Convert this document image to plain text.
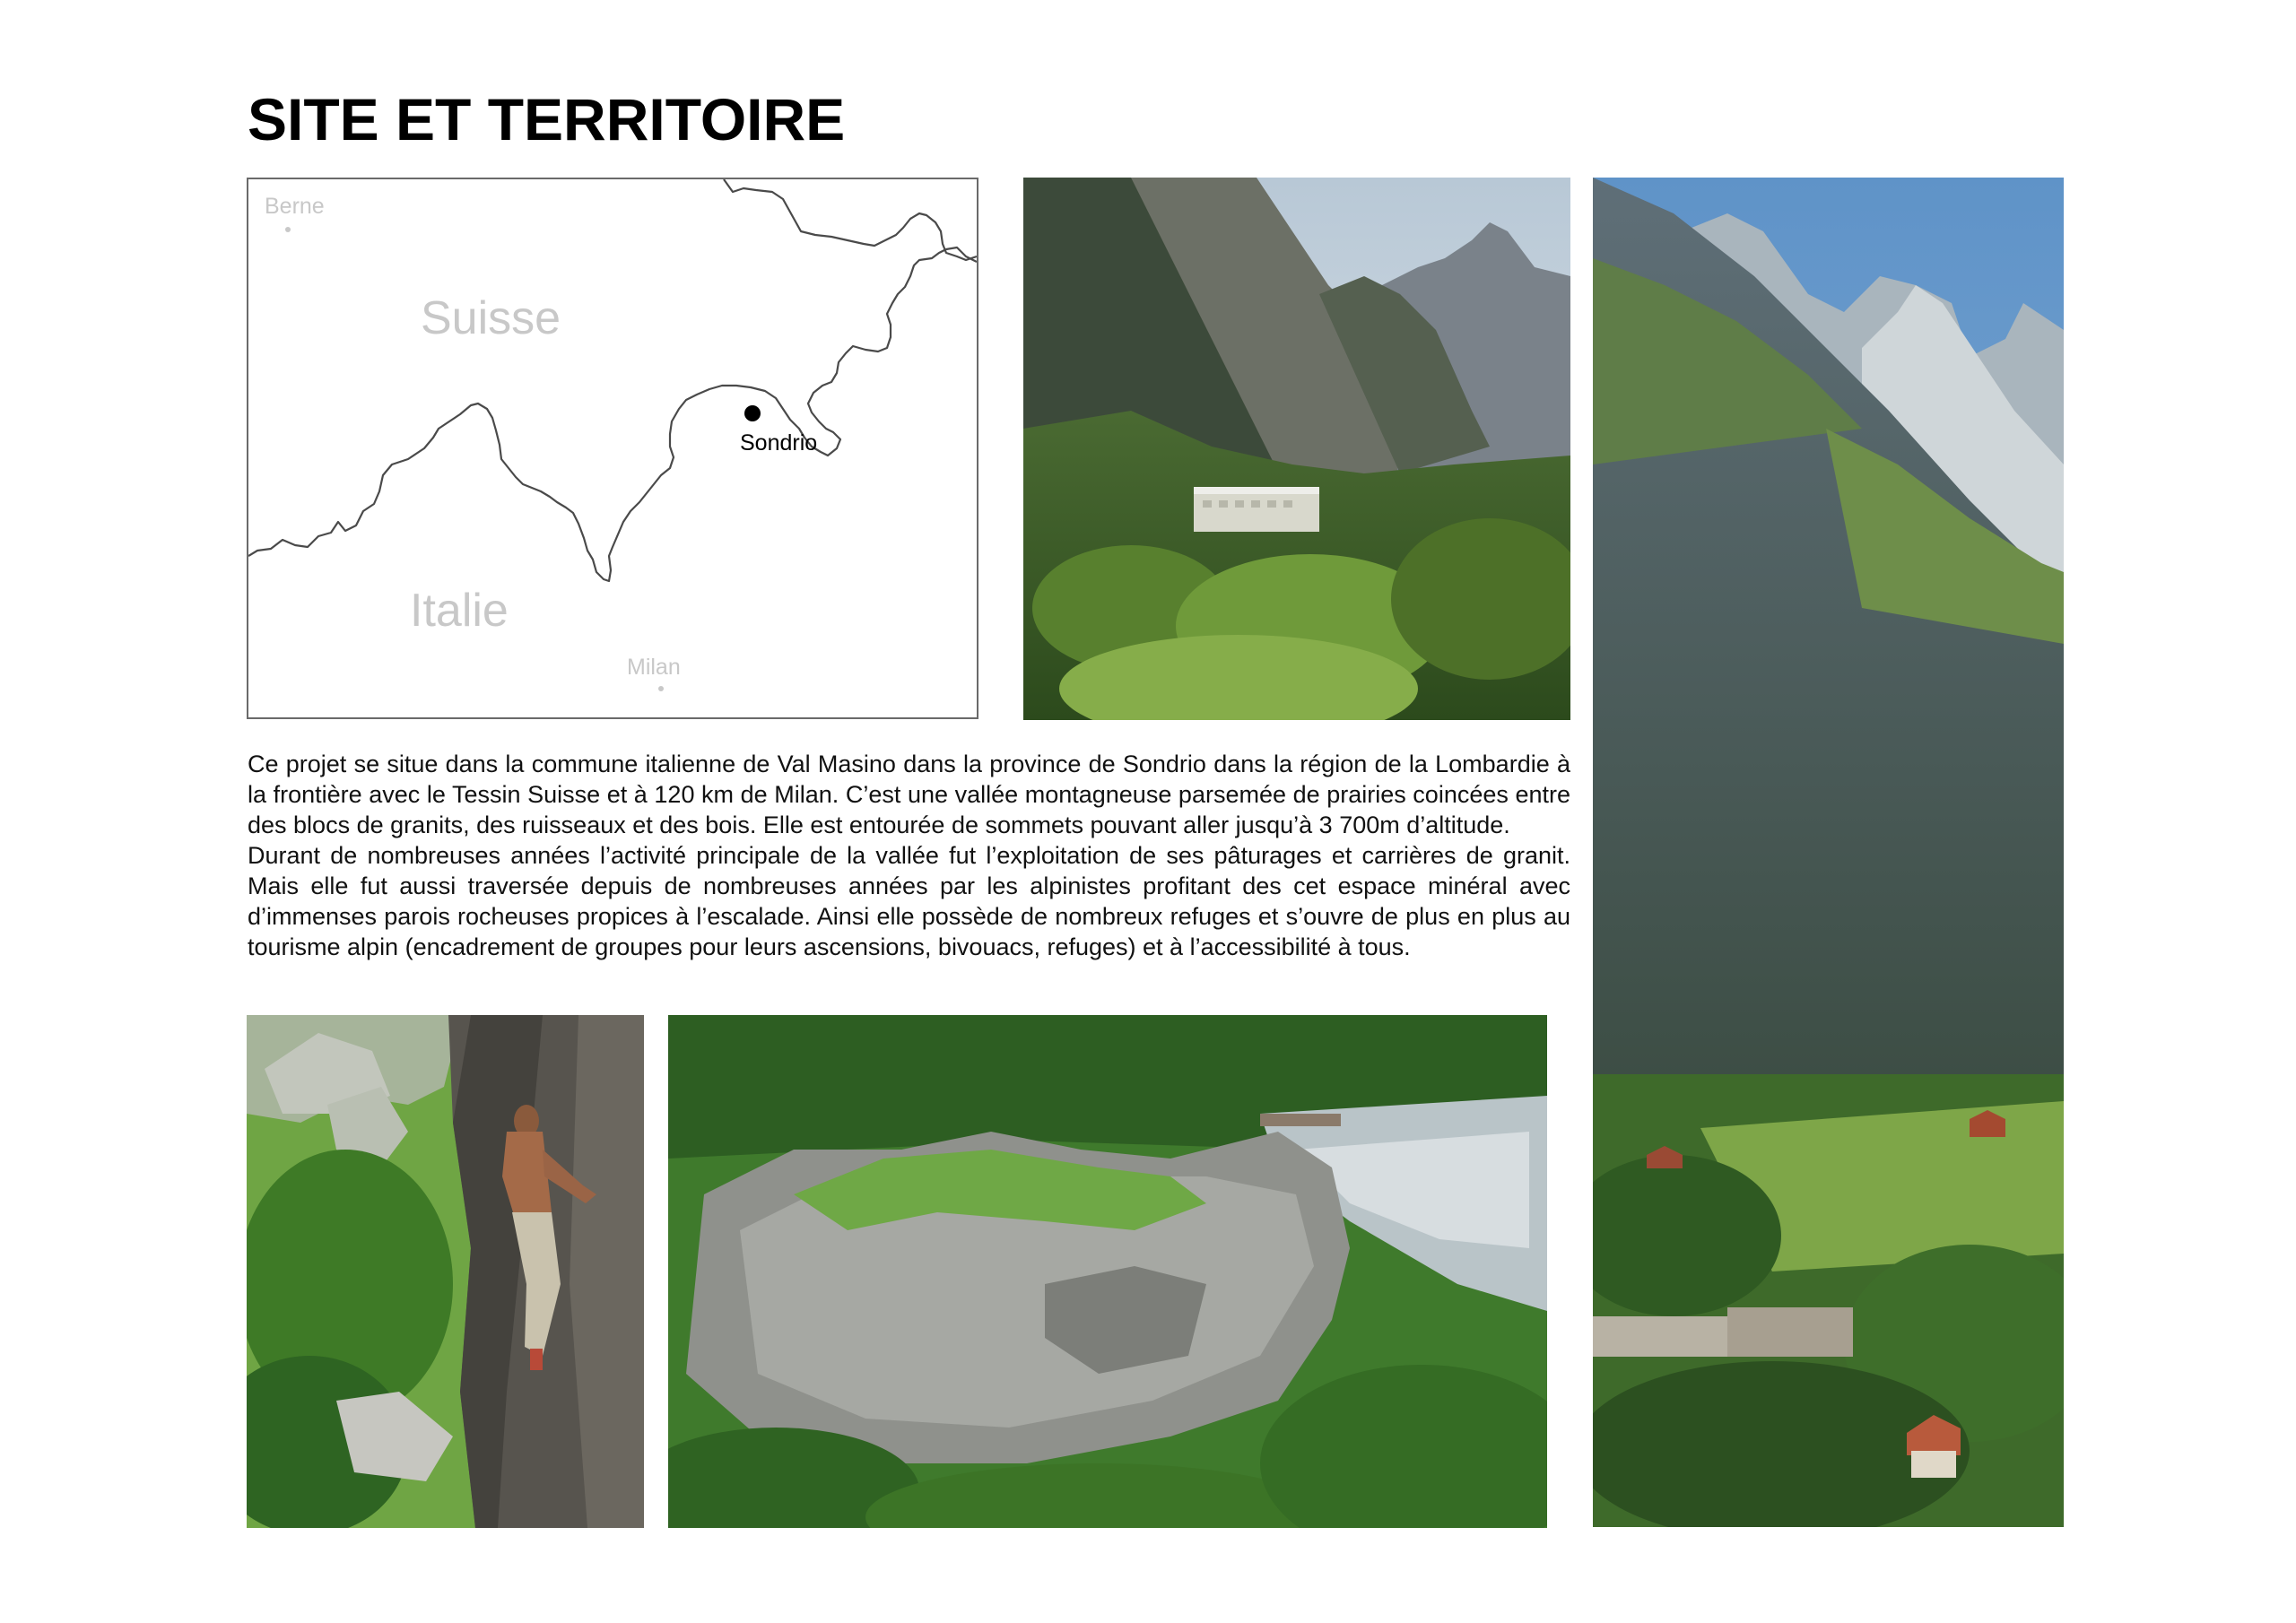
SITE ET TERRITOIRE
Berne
Suisse
Sondrio
Italie
Milan

Ce projet se situe dans la commune italienne de Val Masino dans la province de Sondrio dans la région de la Lombardie à la frontière avec le Tessin Suisse et à 120 km de Milan. C’est une vallée montagneuse parsemée de prairies coincées entre des blocs de granits, des ruisseaux et des bois. Elle est entourée de sommets pouvant aller jusqu’à 3 700m d’altitude.

Durant de nombreuses années l’activité principale de la vallée fut l’exploitation de ses pâturages et carrières de granit. Mais elle fut aussi traversée depuis de nombreuses années par les alpinistes profitant des cet espace minéral avec d’immenses parois rocheuses propices à l’escalade. Ainsi elle possède de nombreux refuges et s’ouvre de plus en plus au tourisme alpin (encadrement de groupes pour leurs ascensions, bivouacs, refuges) et à l’accessibilité à tous.
